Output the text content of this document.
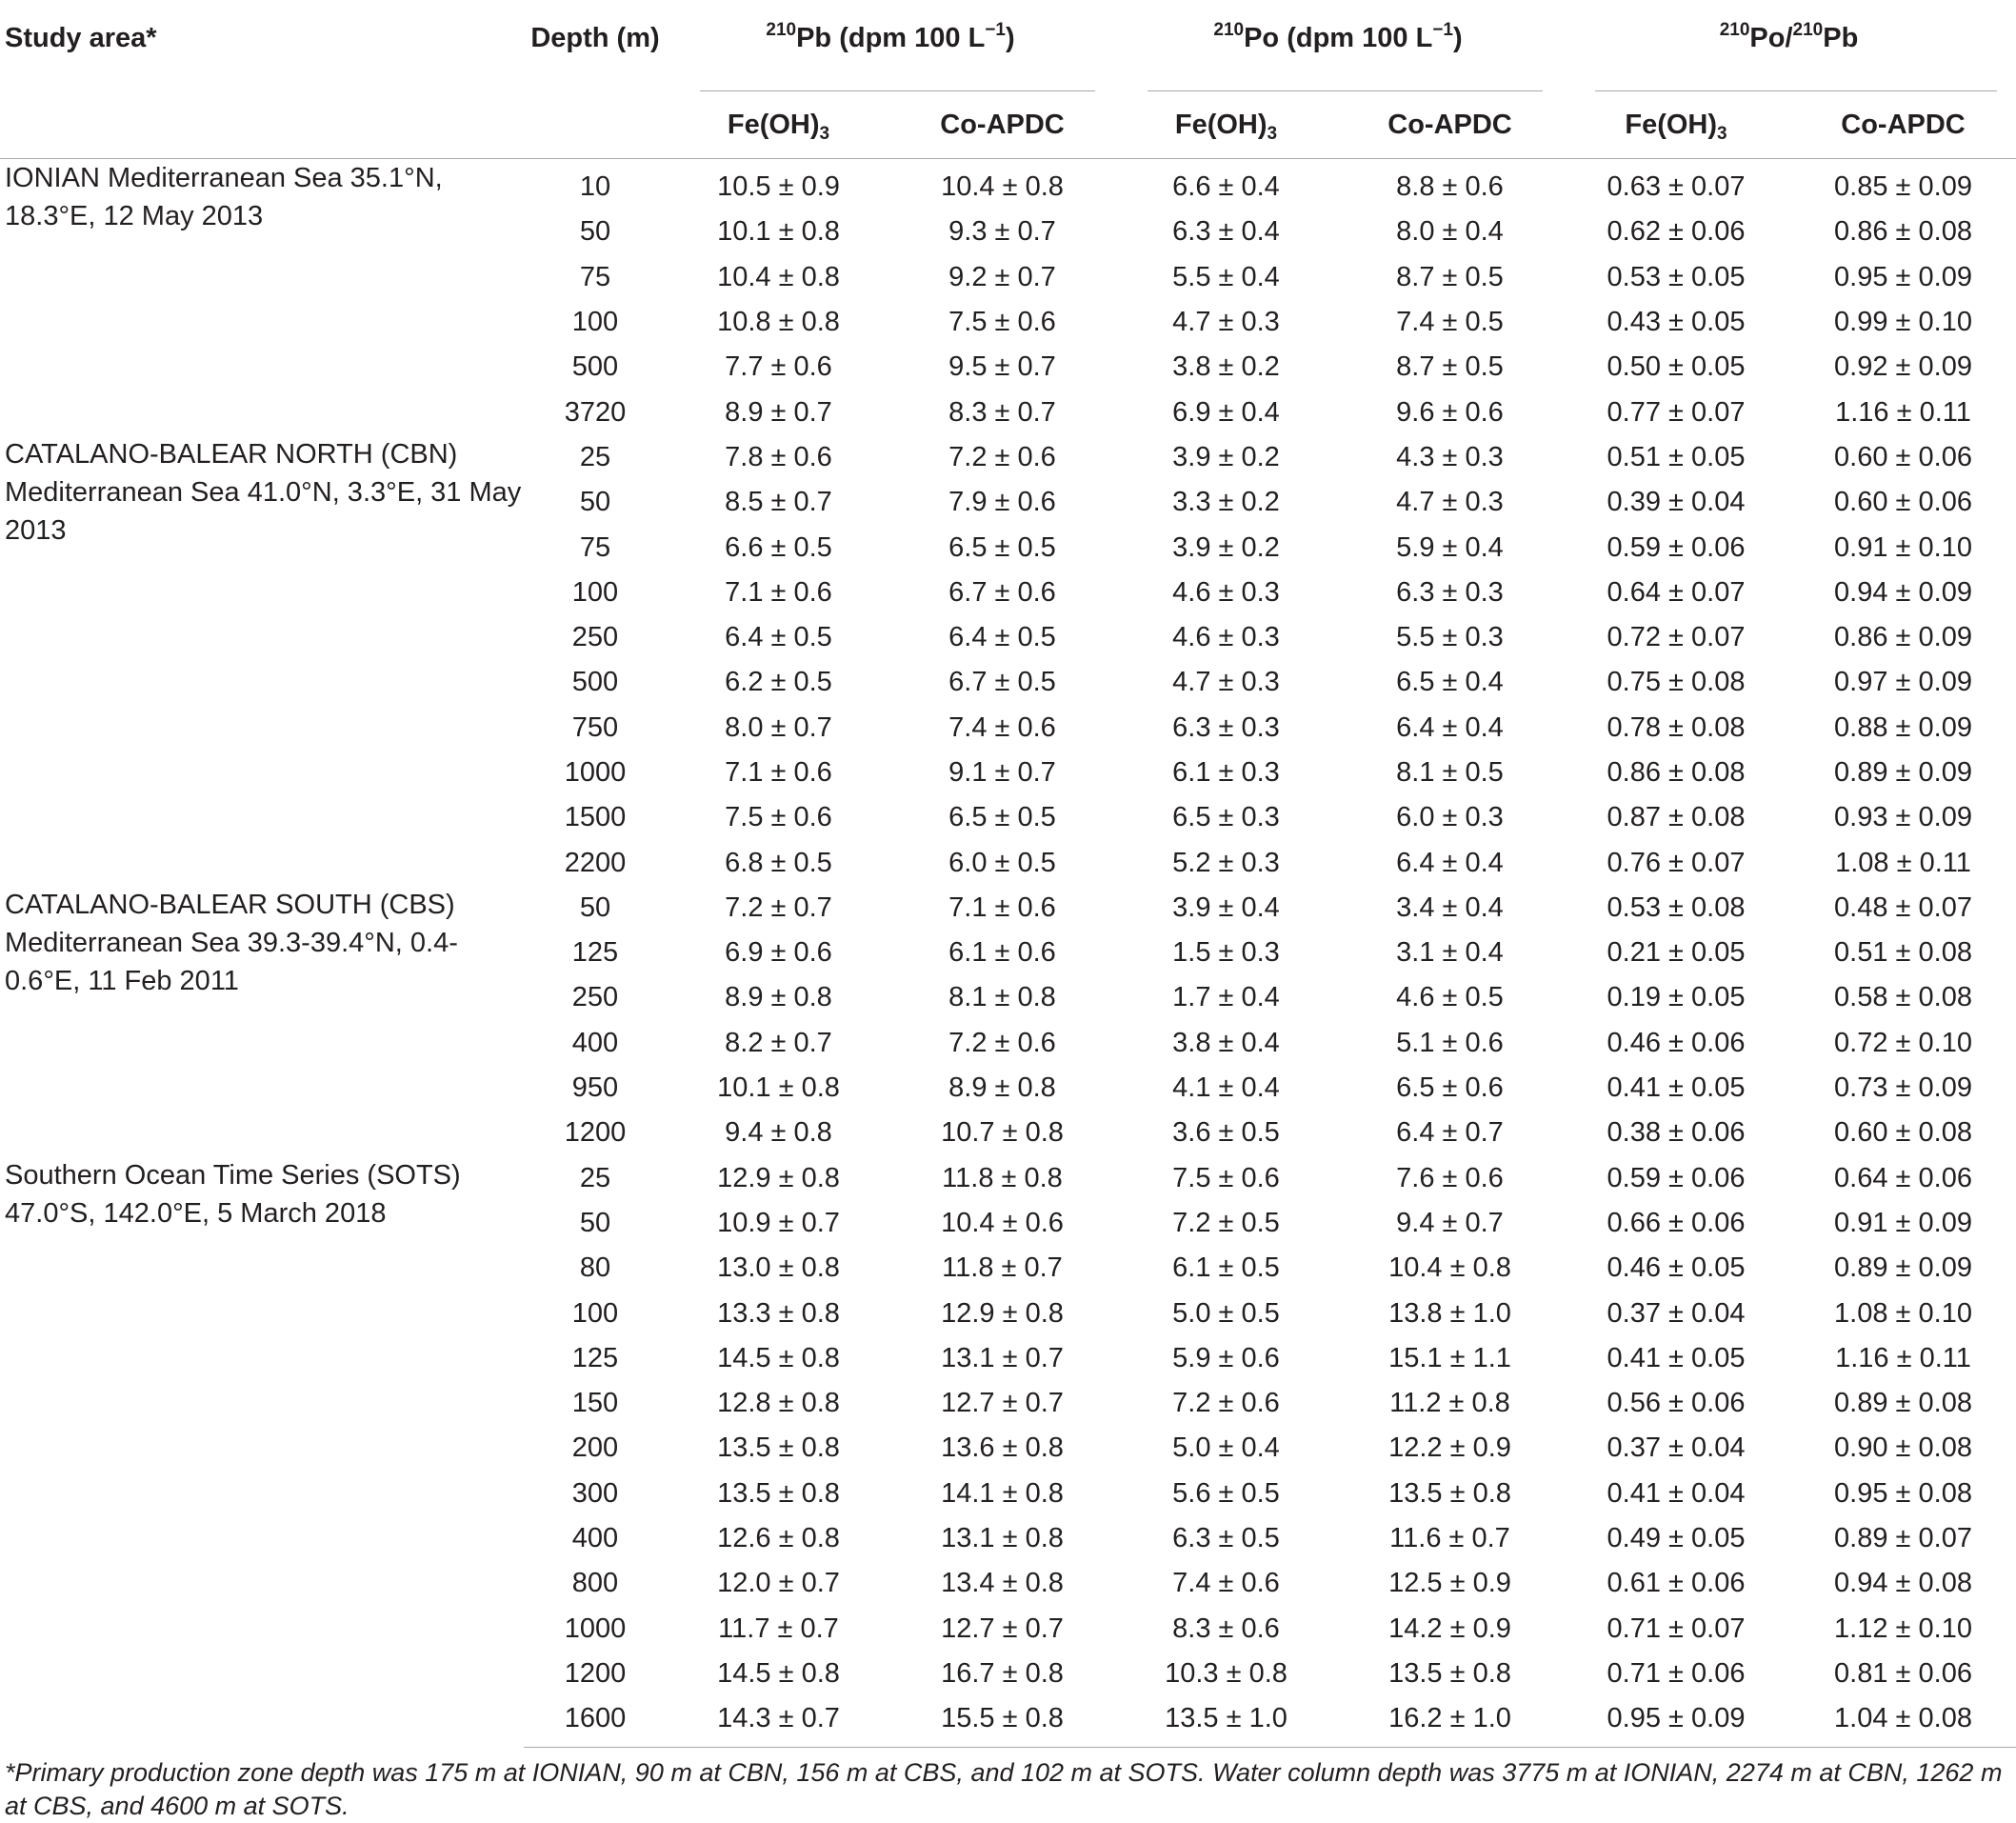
Study area*	Depth (m)	$^{210}$Pb (dpm 100 $L^{-1}$)		$^{210}$Po (dpm 100 $L^{-1}$)		$^{210}$Po/$^{210}$Pb	

		$Fe(OH)_3$	Co-APDC	$Fe(OH)_3$	Co-APDC	$Fe(OH)_3$	Co-APDC
IONIAN Mediterranean Sea 35.1°N, 18.3°E, 12 May 2013	10	10.5 ± 0.9	10.4 ± 0.8	6.6 ± 0.4	8.8 ± 0.6	0.63 ± 0.07	0.85 ± 0.09
	50	10.1 ± 0.8	9.3 ± 0.7	6.3 ± 0.4	8.0 ± 0.4	0.62 ± 0.06	0.86 ± 0.08
	75	10.4 ± 0.8	9.2 ± 0.7	5.5 ± 0.4	8.7 ± 0.5	0.53 ± 0.05	0.95 ± 0.09
	100	10.8 ± 0.8	7.5 ± 0.6	4.7 ± 0.3	7.4 ± 0.5	0.43 ± 0.05	0.99 ± 0.10
	500	7.7 ± 0.6	9.5 ± 0.7	3.8 ± 0.2	8.7 ± 0.5	0.50 ± 0.05	0.92 ± 0.09
	3720	8.9 ± 0.7	8.3 ± 0.7	6.9 ± 0.4	9.6 ± 0.6	0.77 ± 0.07	1.16 ± 0.11
CATALANO-BALEAR NORTH (CBN) Mediterranean Sea 41.0°N, 3.3°E, 31 May 2013	25	7.8 ± 0.6	7.2 ± 0.6	3.9 ± 0.2	4.3 ± 0.3	0.51 ± 0.05	0.60 ± 0.06
	50	8.5 ± 0.7	7.9 ± 0.6	3.3 ± 0.2	4.7 ± 0.3	0.39 ± 0.04	0.60 ± 0.06
	75	6.6 ± 0.5	6.5 ± 0.5	3.9 ± 0.2	5.9 ± 0.4	0.59 ± 0.06	0.91 ± 0.10
	100	7.1 ± 0.6	6.7 ± 0.6	4.6 ± 0.3	6.3 ± 0.3	0.64 ± 0.07	0.94 ± 0.09
	250	6.4 ± 0.5	6.4 ± 0.5	4.6 ± 0.3	5.5 ± 0.3	0.72 ± 0.07	0.86 ± 0.09
	500	6.2 ± 0.5	6.7 ± 0.5	4.7 ± 0.3	6.5 ± 0.4	0.75 ± 0.08	0.97 ± 0.09
	750	8.0 ± 0.7	7.4 ± 0.6	6.3 ± 0.3	6.4 ± 0.4	0.78 ± 0.08	0.88 ± 0.09
	1000	7.1 ± 0.6	9.1 ± 0.7	6.1 ± 0.3	8.1 ± 0.5	0.86 ± 0.08	0.89 ± 0.09
	1500	7.5 ± 0.6	6.5 ± 0.5	6.5 ± 0.3	6.0 ± 0.3	0.87 ± 0.08	0.93 ± 0.09
	2200	6.8 ± 0.5	6.0 ± 0.5	5.2 ± 0.3	6.4 ± 0.4	0.76 ± 0.07	1.08 ± 0.11
CATALANO-BALEAR SOUTH (CBS) Mediterranean Sea 39.3-39.4°N, 0.4-0.6°E, 11 Feb 2011	50	7.2 ± 0.7	7.1 ± 0.6	3.9 ± 0.4	3.4 ± 0.4	0.53 ± 0.08	0.48 ± 0.07
	125	6.9 ± 0.6	6.1 ± 0.6	1.5 ± 0.3	3.1 ± 0.4	0.21 ± 0.05	0.51 ± 0.08
	250	8.9 ± 0.8	8.1 ± 0.8	1.7 ± 0.4	4.6 ± 0.5	0.19 ± 0.05	0.58 ± 0.08
	400	8.2 ± 0.7	7.2 ± 0.6	3.8 ± 0.4	5.1 ± 0.6	0.46 ± 0.06	0.72 ± 0.10
	950	10.1 ± 0.8	8.9 ± 0.8	4.1 ± 0.4	6.5 ± 0.6	0.41 ± 0.05	0.73 ± 0.09
	1200	9.4 ± 0.8	10.7 ± 0.8	3.6 ± 0.5	6.4 ± 0.7	0.38 ± 0.06	0.60 ± 0.08
Southern Ocean Time Series (SOTS) 47.0°S, 142.0°E, 5 March 2018	25	12.9 ± 0.8	11.8 ± 0.8	7.5 ± 0.6	7.6 ± 0.6	0.59 ± 0.06	0.64 ± 0.06
	50	10.9 ± 0.7	10.4 ± 0.6	7.2 ± 0.5	9.4 ± 0.7	0.66 ± 0.06	0.91 ± 0.09
	80	13.0 ± 0.8	11.8 ± 0.7	6.1 ± 0.5	10.4 ± 0.8	0.46 ± 0.05	0.89 ± 0.09
	100	13.3 ± 0.8	12.9 ± 0.8	5.0 ± 0.5	13.8 ± 1.0	0.37 ± 0.04	1.08 ± 0.10
	125	14.5 ± 0.8	13.1 ± 0.7	5.9 ± 0.6	15.1 ± 1.1	0.41 ± 0.05	1.16 ± 0.11
	150	12.8 ± 0.8	12.7 ± 0.7	7.2 ± 0.6	11.2 ± 0.8	0.56 ± 0.06	0.89 ± 0.08
	200	13.5 ± 0.8	13.6 ± 0.8	5.0 ± 0.4	12.2 ± 0.9	0.37 ± 0.04	0.90 ± 0.08
	300	13.5 ± 0.8	14.1 ± 0.8	5.6 ± 0.5	13.5 ± 0.8	0.41 ± 0.04	0.95 ± 0.08
	400	12.6 ± 0.8	13.1 ± 0.8	6.3 ± 0.5	11.6 ± 0.7	0.49 ± 0.05	0.89 ± 0.07
	800	12.0 ± 0.7	13.4 ± 0.8	7.4 ± 0.6	12.5 ± 0.9	0.61 ± 0.06	0.94 ± 0.08
	1000	11.7 ± 0.7	12.7 ± 0.7	8.3 ± 0.6	14.2 ± 0.9	0.71 ± 0.07	1.12 ± 0.10
	1200	14.5 ± 0.8	16.7 ± 0.8	10.3 ± 0.8	13.5 ± 0.8	0.71 ± 0.06	0.81 ± 0.06
	1600	14.3 ± 0.7	15.5 ± 0.8	13.5 ± 1.0	16.2 ± 1.0	0.95 ± 0.09	1.04 ± 0.08
*Primary production zone depth was 175 m at IONIAN, 90 m at CBN, 156 m at CBS, and 102 m at SOTS. Water column depth was 3775 m at IONIAN, 2274 m at CBN, 1262 m at CBS, and 4600 m at SOTS.
